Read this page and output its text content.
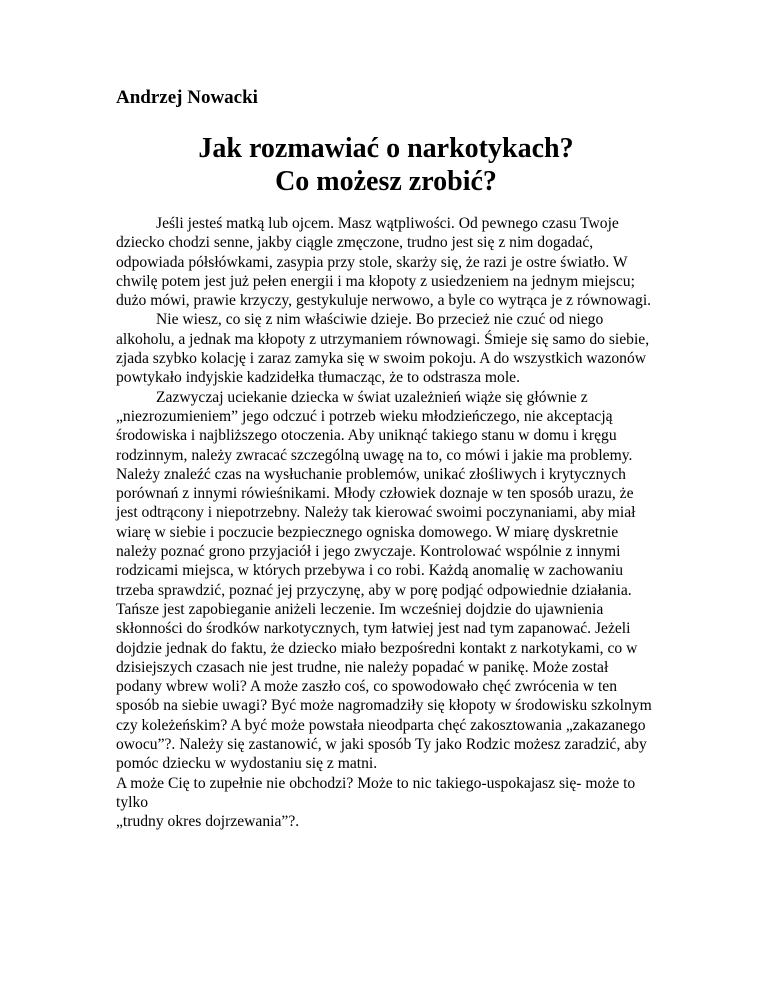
Andrzej Nowacki

Jak rozmawiać o narkotykach?
Co możesz zrobić?

Jeśli jesteś matką lub ojcem. Masz wątpliwości. Od pewnego czasu Twoje dziecko chodzi senne, jakby ciągle zmęczone, trudno jest się z nim dogadać, odpowiada półsłówkami, zasypia przy stole, skarży się, że razi je ostre światło. W chwilę potem jest już pełen energii i ma kłopoty z usiedzeniem na jednym miejscu; dużo mówi, prawie krzyczy, gestykuluje nerwowo, a byle co wytrąca je z równowagi.

Nie wiesz, co się z nim właściwie dzieje. Bo przecież nie czuć od niego alkoholu, a jednak ma kłopoty z utrzymaniem równowagi. Śmieje się samo do siebie, zjada szybko kolację i zaraz zamyka się w swoim pokoju. A do wszystkich wazonów powtykało indyjskie kadzidełka tłumacząc, że to odstrasza mole.

Zazwyczaj uciekanie dziecka w świat uzależnień wiąże się głównie z „niezrozumieniem” jego odczuć i potrzeb wieku młodzieńczego, nie akceptacją środowiska i najbliższego otoczenia. Aby uniknąć takiego stanu w domu i kręgu rodzinnym, należy zwracać szczególną uwagę na to, co mówi i jakie ma problemy. Należy znaleźć czas na wysłuchanie problemów, unikać złośliwych i krytycznych porównań z innymi rówieśnikami. Młody człowiek doznaje w ten sposób urazu, że jest odtrącony i niepotrzebny. Należy tak kierować swoimi poczynaniami, aby miał wiarę w siebie i poczucie bezpiecznego ogniska domowego. W miarę dyskretnie należy poznać grono przyjaciół i jego zwyczaje. Kontrolować wspólnie z innymi rodzicami miejsca, w których przebywa i co robi. Każdą anomalię w zachowaniu trzeba sprawdzić, poznać jej przyczynę, aby w porę podjąć odpowiednie działania. Tańsze jest zapobieganie aniżeli leczenie. Im wcześniej dojdzie do ujawnienia skłonności do środków narkotycznych, tym łatwiej jest nad tym zapanować. Jeżeli dojdzie jednak do faktu, że dziecko miało bezpośredni kontakt z narkotykami, co w dzisiejszych czasach nie jest trudne, nie należy popadać w panikę. Może został podany wbrew woli? A może zaszło coś, co spowodowało chęć zwrócenia w ten sposób na siebie uwagi? Być może nagromadziły się kłopoty w środowisku szkolnym czy koleżeńskim? A być może powstała nieodparta chęć zakosztowania „zakazanego owocu”?. Należy się zastanowić, w jaki sposób Ty jako Rodzic możesz zaradzić, aby pomóc dziecku w wydostaniu się z matni.

A może Cię to zupełnie nie obchodzi? Może to nic takiego-uspokajasz się- może to tylko

„trudny okres dojrzewania”?.
